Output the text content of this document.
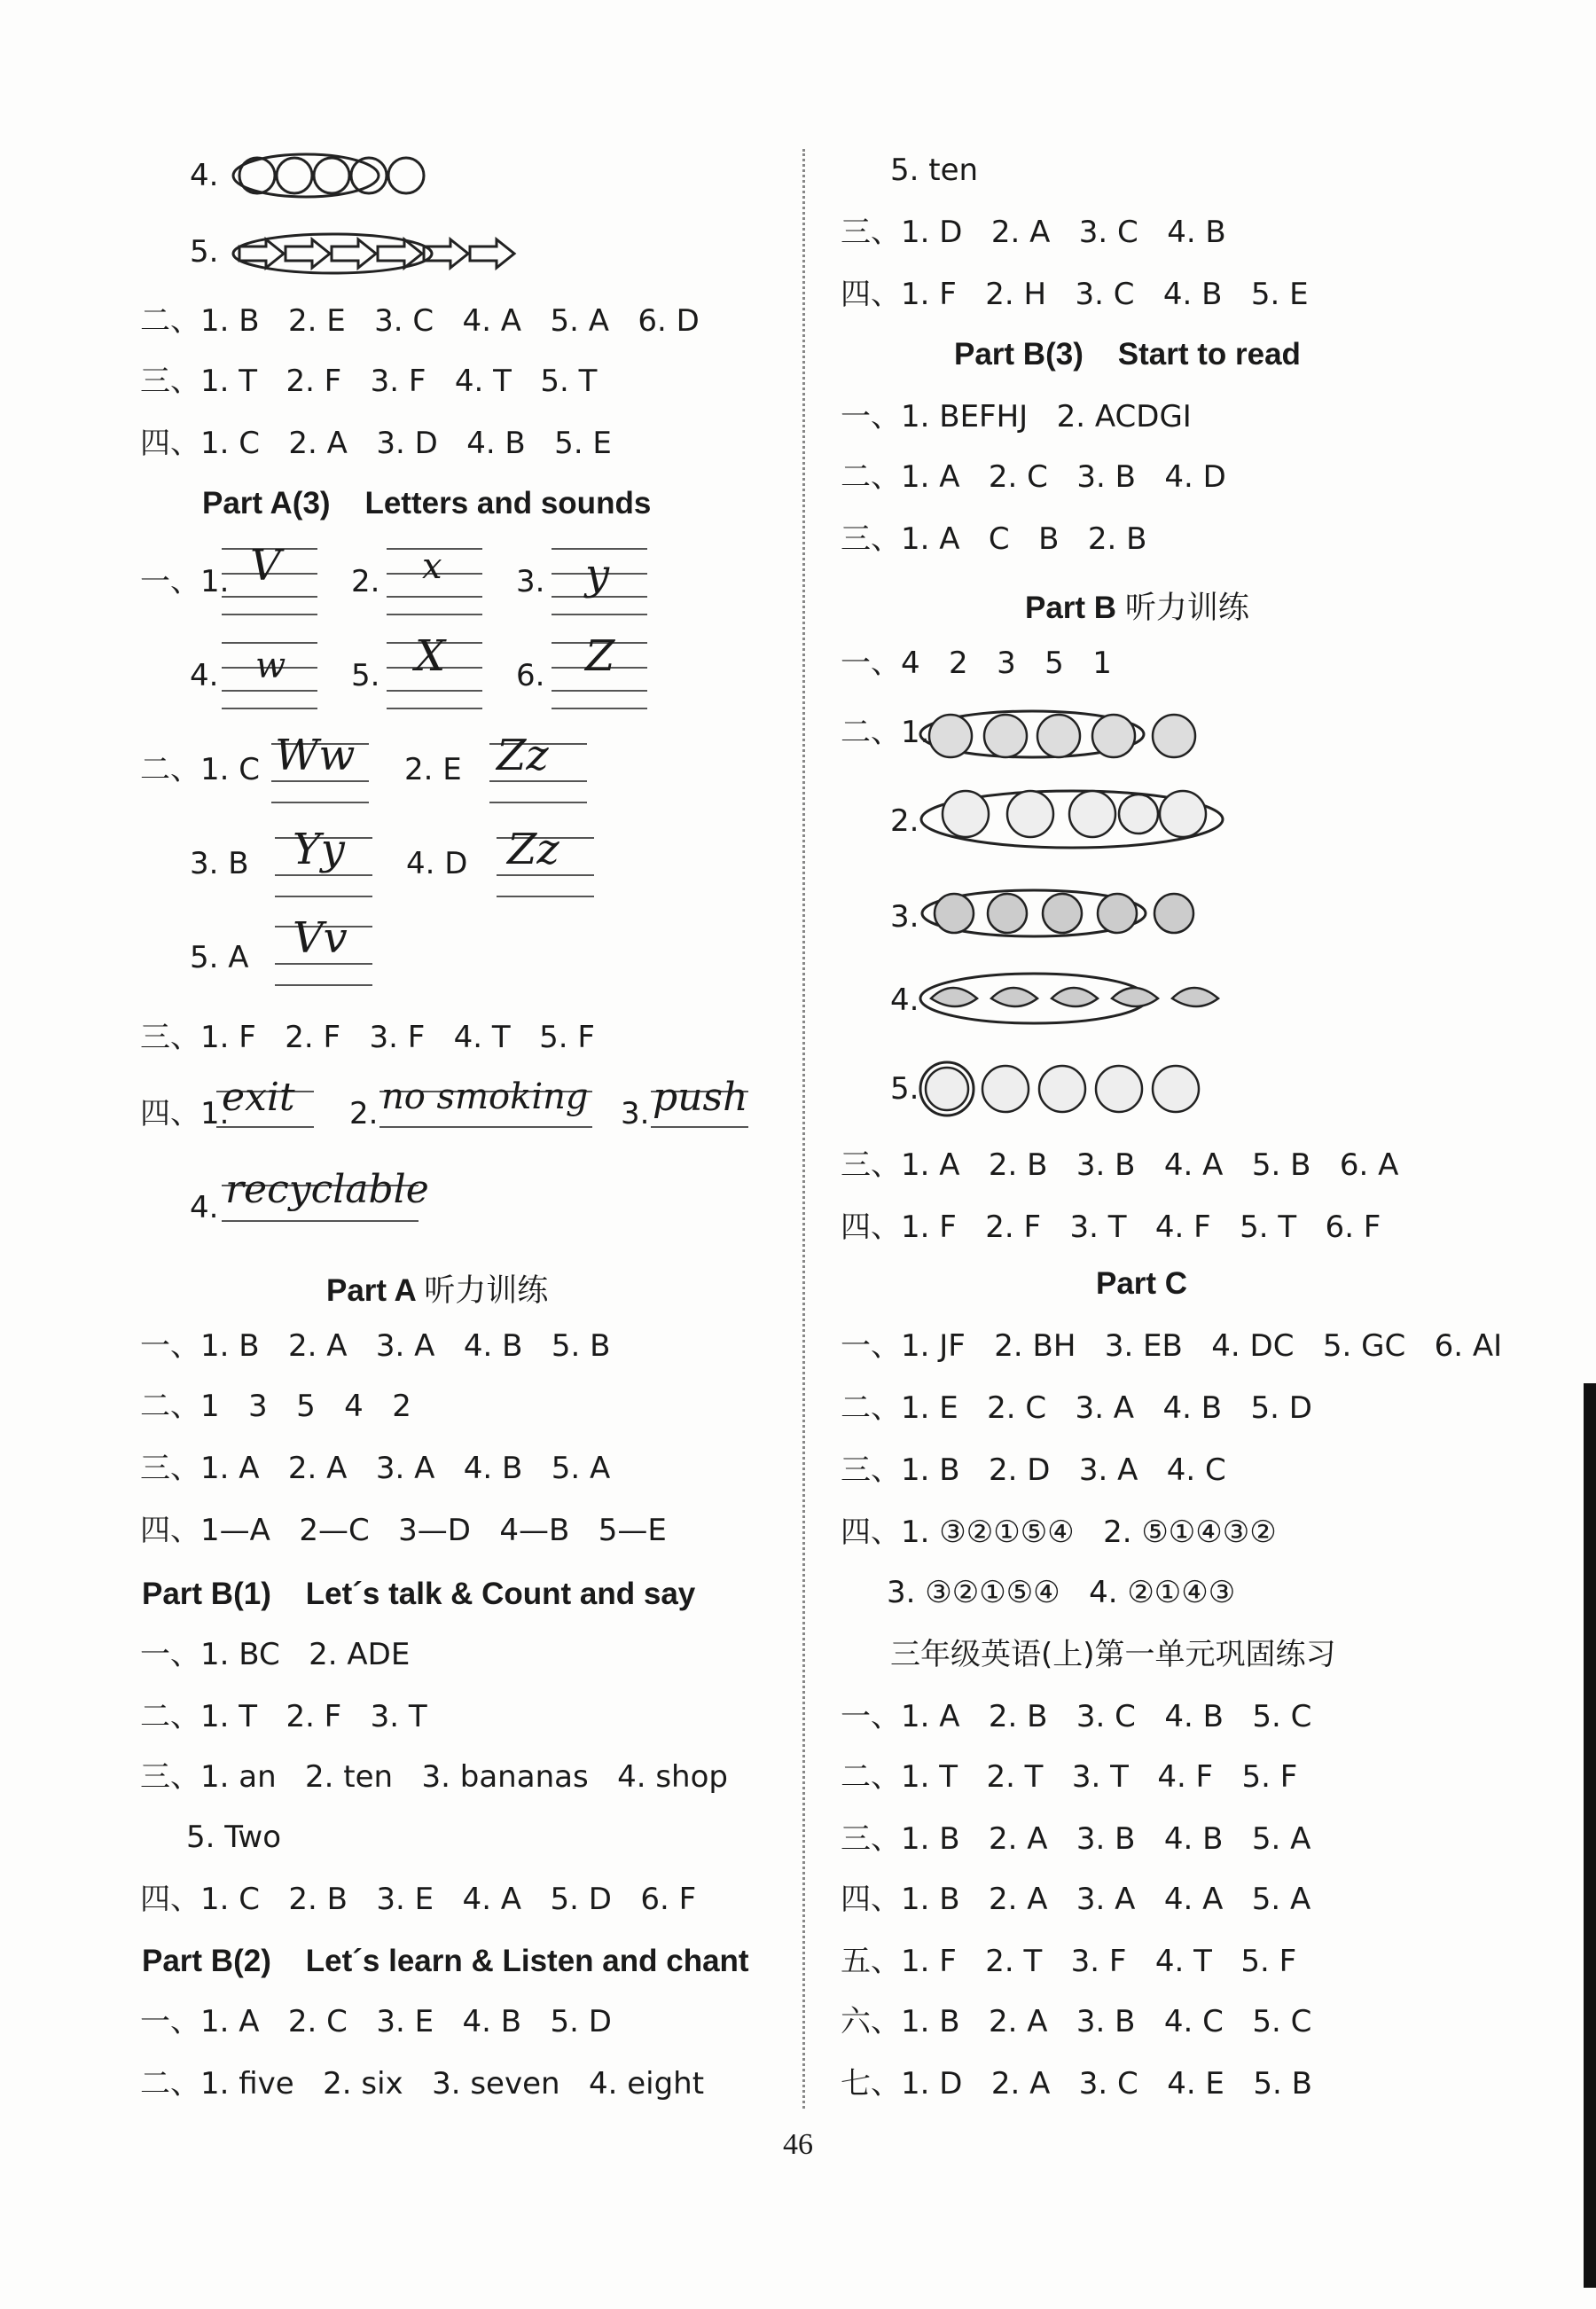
4.
5.
二、1. B   2. E   3. C   4. A   5. A   6. D
三、1. T   2. F   3. F   4. T   5. T
四、1. C   2. A   3. D   4. B   5. E
Part A(3)    Letters and sounds
一、1. V 2. x 3. y
4. w 5. X 6. Z
二、1. C Ww 2. E Zz
3. B Yy 4. D Zz
5. A Vv
三、1. F   2. F   3. F   4. T   5. F
四、1.
exit 2. no smoking 3. push
4. recyclable
Part A 听力训练
一、1. B   2. A   3. A   4. B   5. B
二、1   3   5   4   2
三、1. A   2. A   3. A   4. B   5. A
四、1—A   2—C   3—D   4—B   5—E
Part B(1)    Let´s talk & Count and say
一、1. BC   2. ADE
二、1. T   2. F   3. T
三、1. an   2. ten   3. bananas   4. shop
5. Two
四、1. C   2. B   3. E   4. A   5. D   6. F
Part B(2)    Let´s learn & Listen and chant
一、1. A   2. C   3. E   4. B   5. D
二、1. five   2. six   3. seven   4. eight
5. ten
三、1. D   2. A   3. C   4. B
四、1. F   2. H   3. C   4. B   5. E
Part B(3)    Start to read
一、1. BEFHJ   2. ACDGI
二、1. A   2. C   3. B   4. D
三、1. A   C   B   2. B
Part B 听力训练
一、4   2   3   5   1
二、1.
2.
3.
4.
5.
三、1. A   2. B   3. B   4. A   5. B   6. A
四、1. F   2. F   3. T   4. F   5. T   6. F
Part C
一、1. JF   2. BH   3. EB   4. DC   5. GC   6. AI
二、1. E   2. C   3. A   4. B   5. D
三、1. B   2. D   3. A   4. C
四、1. ③②①⑤④   2. ⑤①④③②
3. ③②①⑤④   4. ②①④③
三年级英语(上)第一单元巩固练习
一、1. A   2. B   3. C   4. B   5. C
二、1. T   2. T   3. T   4. F   5. F
三、1. B   2. A   3. B   4. B   5. A
四、1. B   2. A   3. A   4. A   5. A
五、1. F   2. T   3. F   4. T   5. F
六、1. B   2. A   3. B   4. C   5. C
七、1. D   2. A   3. C   4. E   5. B
46
